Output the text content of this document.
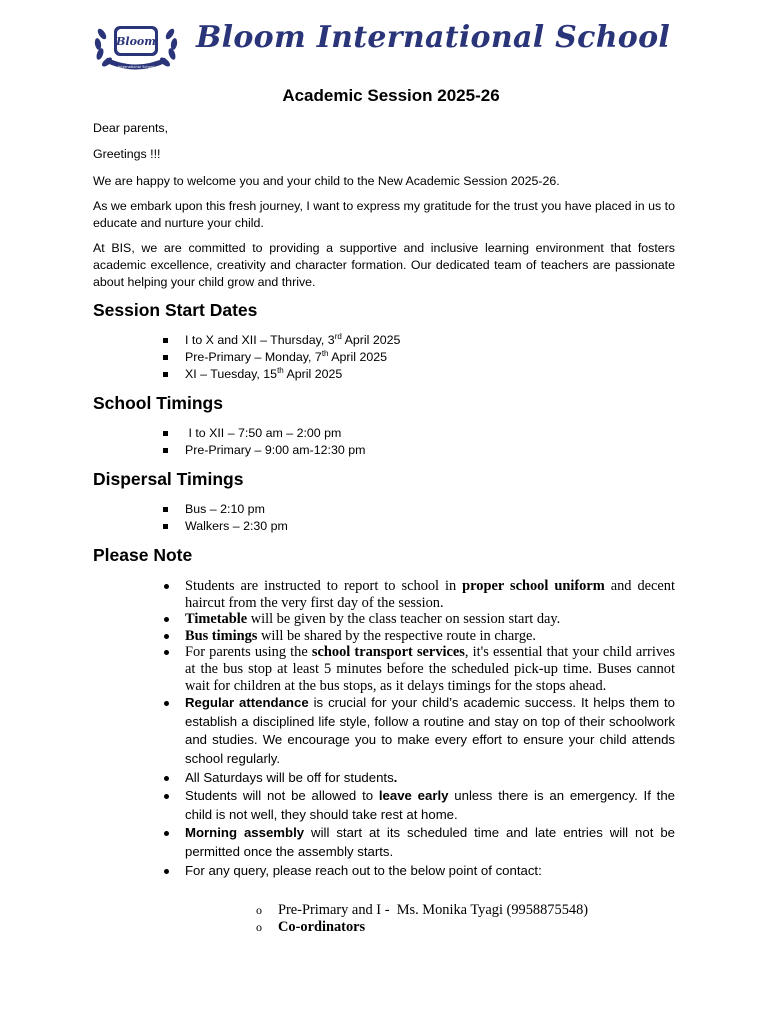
Bloom
International School
Bloom International School
Academic Session 2025-26
Dear parents,
Greetings !!!
We are happy to welcome you and your child to the New Academic Session 2025-26.
As we embark upon this fresh journey, I want to express my gratitude for the trust you have placed in us to educate and nurture your child.
At BIS, we are committed to providing a supportive and inclusive learning environment that fosters academic excellence, creativity and character formation. Our dedicated team of teachers are passionate about helping your child grow and thrive.
Session Start Dates
I to X and XII – Thursday, 3rd April 2025
Pre-Primary – Monday, 7th April 2025
XI – Tuesday, 15th April 2025
School Timings
I to XII – 7:50 am – 2:00 pm
Pre-Primary – 9:00 am-12:30 pm
Dispersal Timings
Bus – 2:10 pm
Walkers – 2:30 pm
Please Note
Students are instructed to report to school in proper school uniform and decent haircut from the very first day of the session.
Timetable will be given by the class teacher on session start day.
Bus timings will be shared by the respective route in charge.
For parents using the school transport services, it's essential that your child arrives at the bus stop at least 5 minutes before the scheduled pick-up time. Buses cannot wait for children at the bus stops, as it delays timings for the stops ahead.
Regular attendance is crucial for your child’s academic success. It helps them to establish a disciplined life style, follow a routine and stay on top of their schoolwork and studies. We encourage you to make every effort to ensure your child attends school regularly.
All Saturdays will be off for students.
Students will not be allowed to leave early unless there is an emergency. If the child is not well, they should take rest at home.
Morning assembly will start at its scheduled time and late entries will not be permitted once the assembly starts.
For any query, please reach out to the below point of contact:
o Pre-Primary and I -  Ms. Monika Tyagi (9958875548)
o Co-ordinators
